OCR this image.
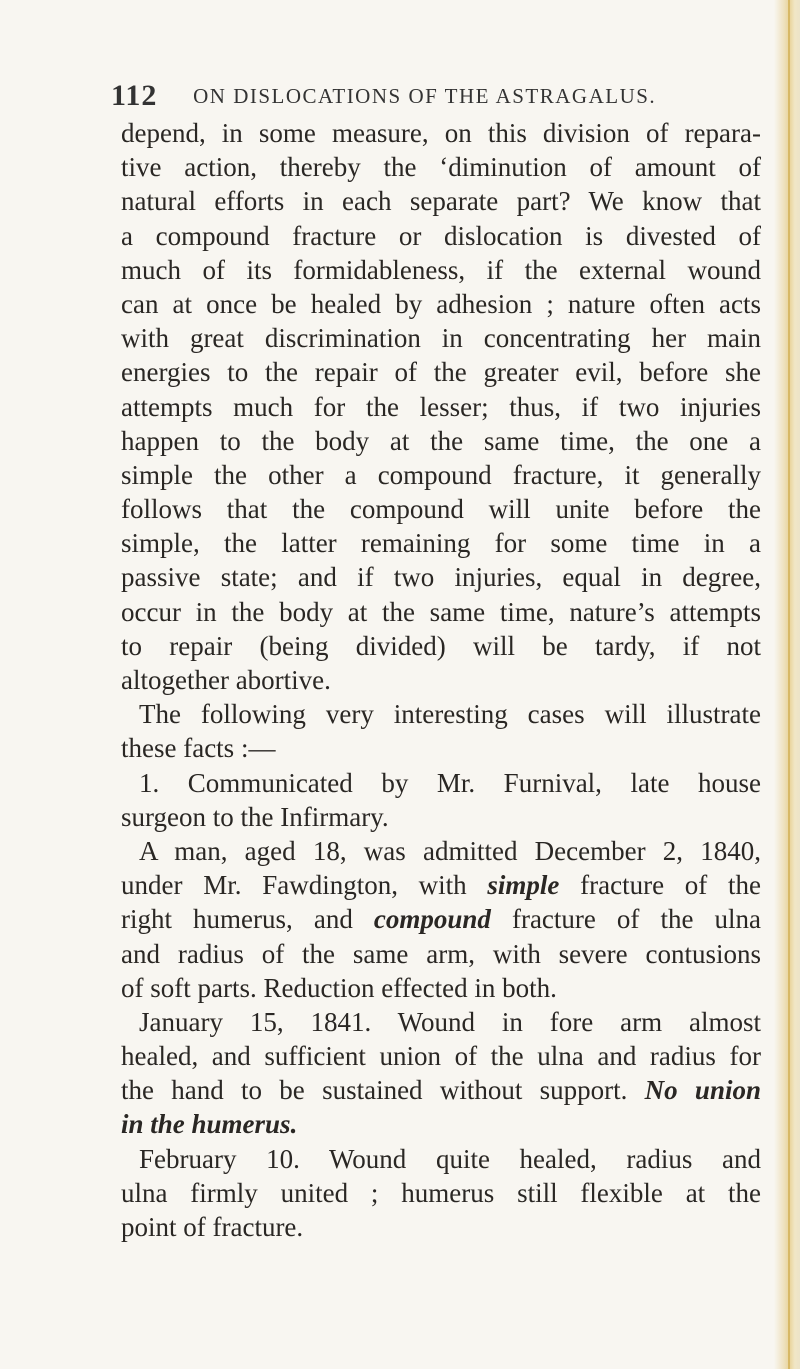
112 ON DISLOCATIONS OF THE ASTRAGALUS.
depend, in some measure, on this division of repara-
tive action, thereby the ‘diminution of amount of
natural efforts in each separate part? We know that
a compound fracture or dislocation is divested of
much of its formidableness, if the external wound
can at once be healed by adhesion ; nature often acts
with great discrimination in concentrating her main
energies to the repair of the greater evil, before she
attempts much for the lesser; thus, if two injuries
happen to the body at the same time, the one a
simple the other a compound fracture, it generally
follows that the compound will unite before the
simple, the latter remaining for some time in a
passive state; and if two injuries, equal in degree,
occur in the body at the same time, nature’s attempts
to repair (being divided) will be tardy, if not
altogether abortive.
The following very interesting cases will illustrate
these facts :—
1. Communicated by Mr. Furnival, late house
surgeon to the Infirmary.
A man, aged 18, was admitted December 2, 1840,
under Mr. Fawdington, with simple fracture of the
right humerus, and compound fracture of the ulna
and radius of the same arm, with severe contusions
of soft parts. Reduction effected in both.
January 15, 1841. Wound in fore arm almost
healed, and sufficient union of the ulna and radius for
the hand to be sustained without support. No union
in the humerus.
February 10. Wound quite healed, radius and
ulna firmly united ; humerus still flexible at the
point of fracture.
